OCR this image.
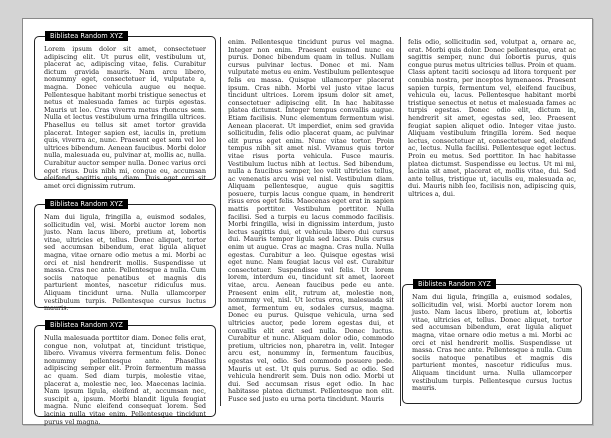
Biblistea Random XYZ

Lorem ipsum dolor sit amet, consectetuer adipiscing elit. Ut purus elit, vestibulum ut, placerat ac, adipiscing vitae, felis. Curabitur dictum gravida mauris. Nam arcu libero, nonummy eget, consectetuer id, vulputate a, magna. Donec vehicula augue eu neque. Pellentesque habitant morbi tristique senectus et netus et malesuada fames ac turpis egestas. Mauris ut leo. Cras viverra metus rhoncus sem. Nulla et lectus vestibulum urna fringilla ultrices. Phasellus eu tellus sit amet tortor gravida placerat. Integer sapien est, iaculis in, pretium quis, viverra ac, nunc. Praesent eget sem vel leo ultrices bibendum. Aenean faucibus. Morbi dolor nulla, malesuada eu, pulvinar at, mollis ac, nulla. Curabitur auctor semper nulla. Donec varius orci eget risus. Duis nibh mi, congue eu, accumsan eleifend, sagittis quis, diam. Duis eget orci sit amet orci dignissim rutrum.

Biblistea Random XYZ

Nam dui ligula, fringilla a, euismod sodales, sollicitudin vel, wisi. Morbi auctor lorem non justo. Nam lacus libero, pretium at, lobortis vitae, ultricies et, tellus. Donec aliquet, tortor sed accumsan bibendum, erat ligula aliquet magna, vitae ornare odio metus a mi. Morbi ac orci et nisl hendrerit mollis. Suspendisse ut massa. Cras nec ante. Pellentesque a nulla. Cum sociis natoque penatibus et magnis dis parturient montes, nascetur ridiculus mus. Aliquam tincidunt urna. Nulla ullamcorper vestibulum turpis. Pellentesque cursus luctus mauris.

Biblistea Random XYZ

Nulla malesuada porttitor diam. Donec felis erat, congue non, volutpat at, tincidunt tristique, libero. Vivamus viverra fermentum felis. Donec nonummy pellentesque ante. Phasellus adipiscing semper elit. Proin fermentum massa ac quam. Sed diam turpis, molestie vitae, placerat a, molestie nec, leo. Maecenas lacinia. Nam ipsum ligula, eleifend at, accumsan nec, suscipit a, ipsum. Morbi blandit ligula feugiat magna. Nunc eleifend consequat lorem. Sed lacinia nulla vitae enim. Pellentesque tincidunt purus vel magna.

enim. Pellentesque tincidunt purus vel magna. Integer non enim. Praesent euismod nunc eu purus. Donec bibendum quam in tellus. Nullam cursus pulvinar lectus. Donec et mi. Nam vulputate metus eu enim. Vestibulum pellentesque felis eu massa. Quisque ullamcorper placerat ipsum. Cras nibh. Morbi vel justo vitae lacus tincidunt ultrices. Lorem ipsum dolor sit amet, consectetuer adipiscing elit. In hac habitasse platea dictumst. Integer tempus convallis augue. Etiam facilisis. Nunc elementum fermentum wisi. Aenean placerat. Ut imperdiet, enim sed gravida sollicitudin, felis odio placerat quam, ac pulvinar elit purus eget enim. Nunc vitae tortor. Proin tempus nibh sit amet nisl. Vivamus quis tortor vitae risus porta vehicula. Fusce mauris. Vestibulum luctus nibh at lectus. Sed bibendum, nulla a faucibus semper, leo velit ultricies tellus, ac venenatis arcu wisi vel nisl. Vestibulum diam. Aliquam pellentesque, augue quis sagittis posuere, turpis lacus congue quam, in hendrerit risus eros eget felis. Maecenas eget erat in sapien mattis porttitor. Vestibulum porttitor. Nulla facilisi. Sed a turpis eu lacus commodo facilisis. Morbi fringilla, wisi in dignissim interdum, justo lectus sagittis dui, et vehicula libero dui cursus dui. Mauris tempor ligula sed lacus. Duis cursus enim ut augue. Cras ac magna. Cras nulla. Nulla egestas. Curabitur a leo. Quisque egestas wisi eget nunc. Nam feugiat lacus vel est. Curabitur consectetuer. Suspendisse vel felis. Ut lorem lorem, interdum eu, tincidunt sit amet, laoreet vitae, arcu. Aenean faucibus pede eu ante. Praesent enim elit, rutrum at, molestie non, nonummy vel, nisl. Ut lectus eros, malesuada sit amet, fermentum eu, sodales cursus, magna. Donec eu purus. Quisque vehicula, urna sed ultricies auctor, pede lorem egestas dui, et convallis elit erat sed nulla. Donec luctus. Curabitur et nunc. Aliquam dolor odio, commodo pretium, ultricies non, pharetra in, velit. Integer arcu est, nonummy in, fermentum faucibus, egestas vel, odio. Sed commodo posuere pede. Mauris ut est. Ut quis purus. Sed ac odio. Sed vehicula hendrerit sem. Duis non odio. Morbi ut dui. Sed accumsan risus eget odio. In hac habitasse platea dictumst. Pellentesque non elit. Fusce sed justo eu urna porta tincidunt. Mauris

felis odio, sollicitudin sed, volutpat a, ornare ac, erat. Morbi quis dolor. Donec pellentesque, erat ac sagittis semper, nunc dui lobortis purus, quis congue purus metus ultricies tellus. Proin et quam. Class aptent taciti sociosqu ad litora torquent per conubia nostra, per inceptos hymenaeos. Praesent sapien turpis, fermentum vel, eleifend faucibus, vehicula eu, lacus. Pellentesque habitant morbi tristique senectus et netus et malesuada fames ac turpis egestas. Donec odio elit, dictum in, hendrerit sit amet, egestas sed, leo. Praesent feugiat sapien aliquet odio. Integer vitae justo. Aliquam vestibulum fringilla lorem. Sed neque lectus, consectetuer at, consectetuer sed, eleifend ac, lectus. Nulla facilisi. Pellentesque eget lectus. Proin eu metus. Sed porttitor. In hac habitasse platea dictumst. Suspendisse eu lectus. Ut mi mi, lacinia sit amet, placerat et, mollis vitae, dui. Sed ante tellus, tristique ut, iaculis eu, malesuada ac, dui. Mauris nibh leo, facilisis non, adipiscing quis, ultrices a, dui.

Biblistea Random XYZ

Nam dui ligula, fringilla a, euismod sodales, sollicitudin vel, wisi. Morbi auctor lorem non justo. Nam lacus libero, pretium at, lobortis vitae, ultricies et, tellus. Donec aliquet, tortor sed accumsan bibendum, erat ligula aliquet magna, vitae ornare odio metus a mi. Morbi ac orci et nisl hendrerit mollis. Suspendisse ut massa. Cras nec ante. Pellentesque a nulla. Cum sociis natoque penatibus et magnis dis parturient montes, nascetur ridiculus mus. Aliquam tincidunt urna. Nulla ullamcorper vestibulum turpis. Pellentesque cursus luctus mauris.
